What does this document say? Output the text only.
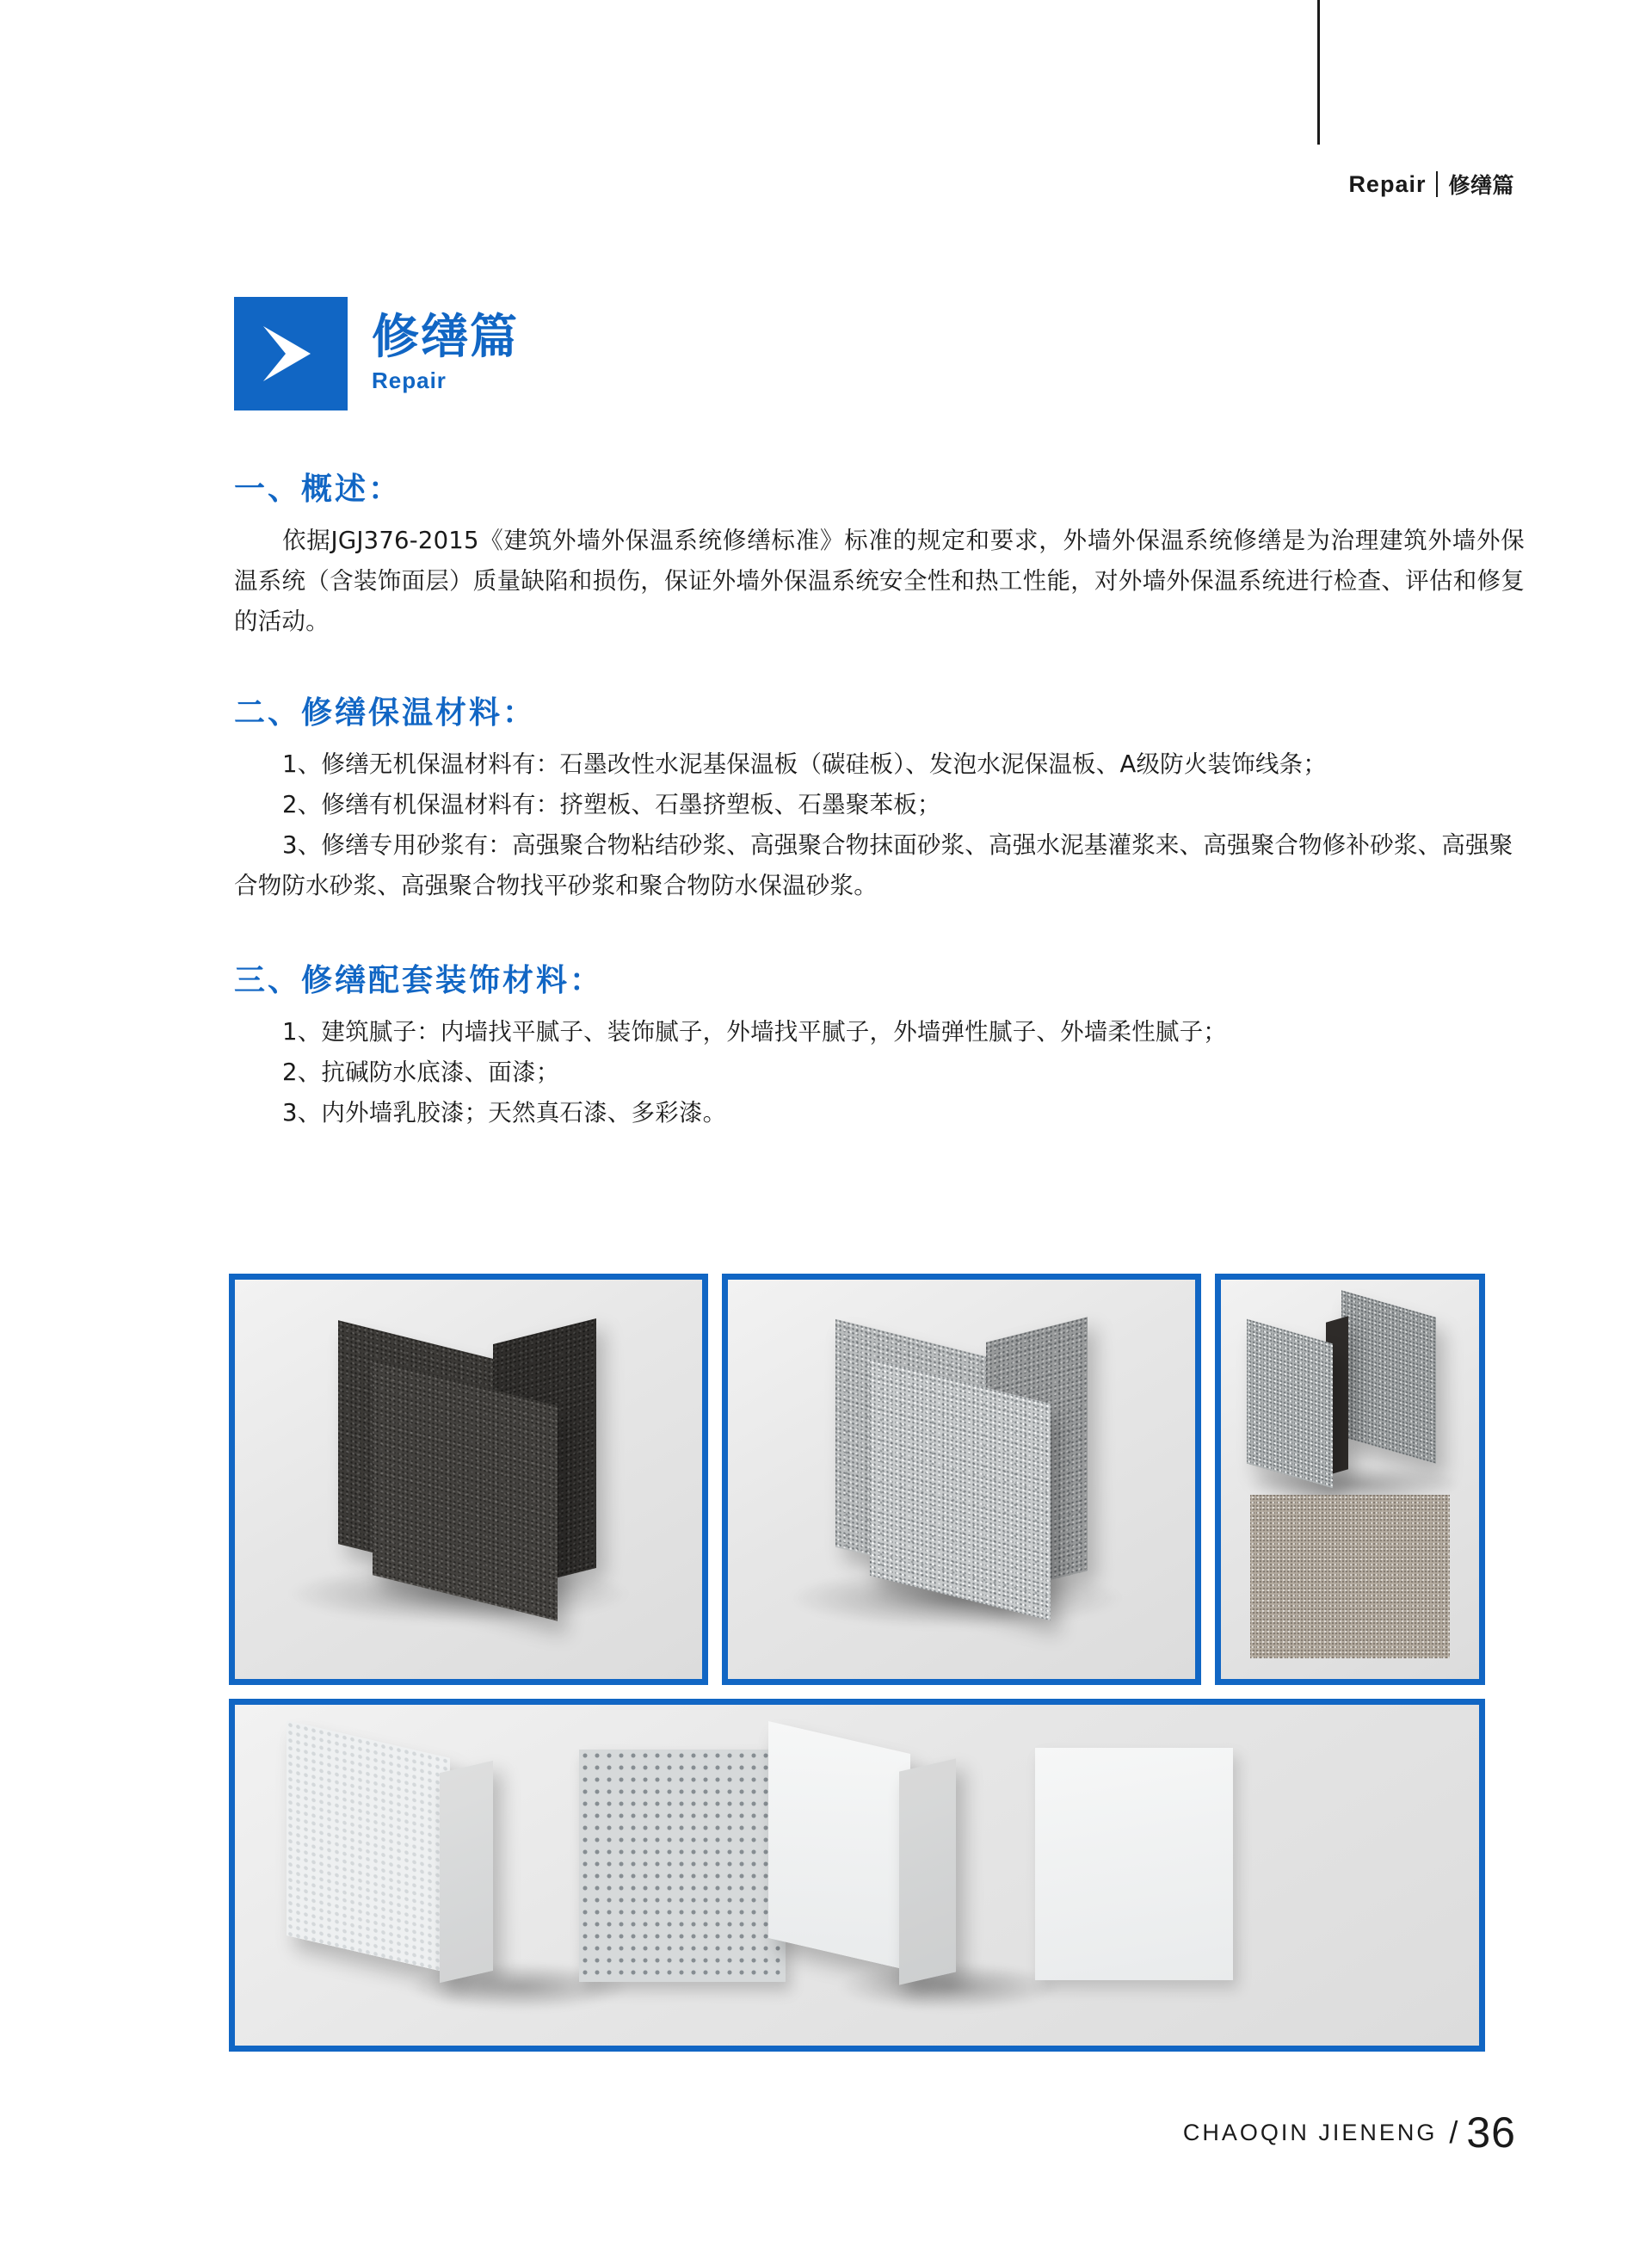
Repair 修缮篇
修缮篇
Repair
一、概述：

依据JGJ376-2015《建筑外墙外保温系统修缮标准》标准的规定和要求，外墙外保温系统修缮是为治理建筑外墙外保温系统（含装饰面层）质量缺陷和损伤，保证外墙外保温系统安全性和热工性能，对外墙外保温系统进行检查、评估和修复的活动。

二、修缮保温材料：

1、修缮无机保温材料有：石墨改性水泥基保温板（碳硅板）、发泡水泥保温板、A级防火装饰线条；

2、修缮有机保温材料有：挤塑板、石墨挤塑板、石墨聚苯板；

3、修缮专用砂浆有：高强聚合物粘结砂浆、高强聚合物抹面砂浆、高强水泥基灌浆来、高强聚合物修补砂浆、高强聚合物防水砂浆、高强聚合物找平砂浆和聚合物防水保温砂浆。

三、修缮配套装饰材料：

1、建筑腻子：内墙找平腻子、装饰腻子，外墙找平腻子，外墙弹性腻子、外墙柔性腻子；

2、抗碱防水底漆、面漆；

3、内外墙乳胶漆；天然真石漆、多彩漆。

CHAOQIN JIENENG / 36
